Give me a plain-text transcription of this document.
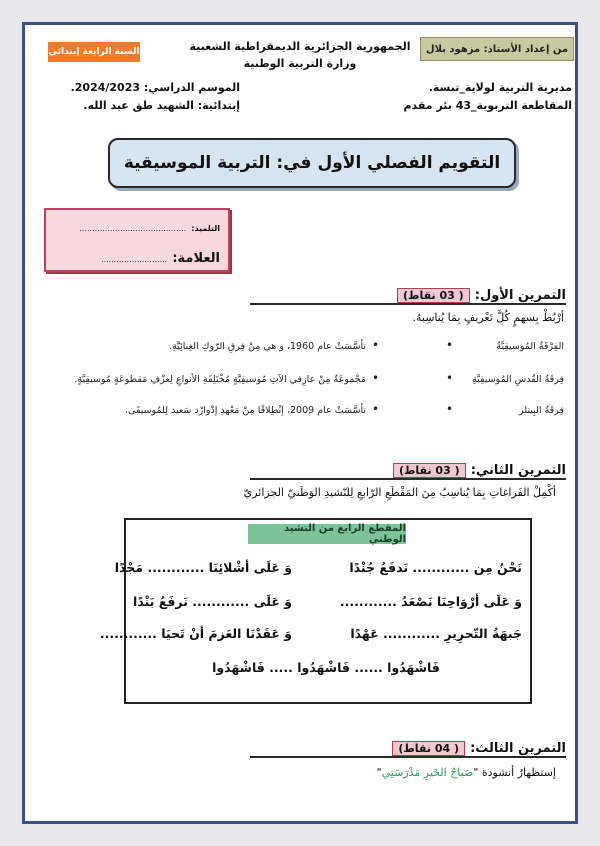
من إعداد الأستاذ: مزهود بلال
السنة الرابعة إبتدائي	الجمهورية الجزائرية الديمقراطية الشعبية
وزارة التربية الوطنية
مديرية التربية لولاية_تبسة.
المقاطعة التربوية_43 بئر مقدم
الموسم الدراسي: 2024/2023.
إبتدائية: الشهيد طق عبد الله.
التقويم الفصلي الأول في: التربية الموسيقية
التلميذ: ..........................................
العلامة: ..........................
التمرين الأول: ( 03 نقاط)
أرْبُطْ بِسهمٍ كُلَّ تَعْريفٍ بِمَا يُناسِبهُ.
الفِرْقَةُ المُوسيقِيَّةُ
فِرقَةُ القُدسِ المُوسيقِيَّةِ
فِرقَةُ البِيتلز
•
•
•
•
•
•
تأسَّسَتْ عام 1960، و هي مِنْ فِرقِ الرّوكِ الغِنائِيَّةِ.
مَجْموعَةٌ مِنْ عازِفي الآتِ مُوسيقِيَّةٍ مُخْتَلِفَةِ الأنواعِ لِعزْفِ مَقطوعَةٍ مُوسيقِيَّةٍ.
تأسَّسَتْ عام 2009، إنْطِلاقًا مِنْ مَعْهدِ إدْوارْد سَعيد لِلمُوسيقَى.
التمرين الثاني: ( 03 نقاط)
أكْمِلْ الفَراغاتِ بِمَا يُناسِبُ مِنَ المَقْطَعِ الرّابعِ لِلنّشيدِ الوَطَنيّ الجزائريّ
المقطع الرابع من النشيد الوطني
نَحْنُ مِن ............ نَدفَعُ جُنْدًا
وَ عَلَى أشْلائِنَا ............ مَجْدًا
وَ عَلَى أرْوَاحِنَا نَصْعَدُ ............
وَ عَلَى ............ نَرفَعُ بَنْدًا
جَبهَةُ التّحرِيرِ ............ عَهْدًا
وَ عَقَدْنَا العَزمَ أنْ تَحيَا ............
فَاشْهَدُوا ...... فَاشْهَدُوا ..... فَاشْهَدُوا
التمرين الثالث: ( 04 نقاط)
إستظهارُ أنشودة "صَباحُ الخَيرِ مَدْرَسَتِي"
